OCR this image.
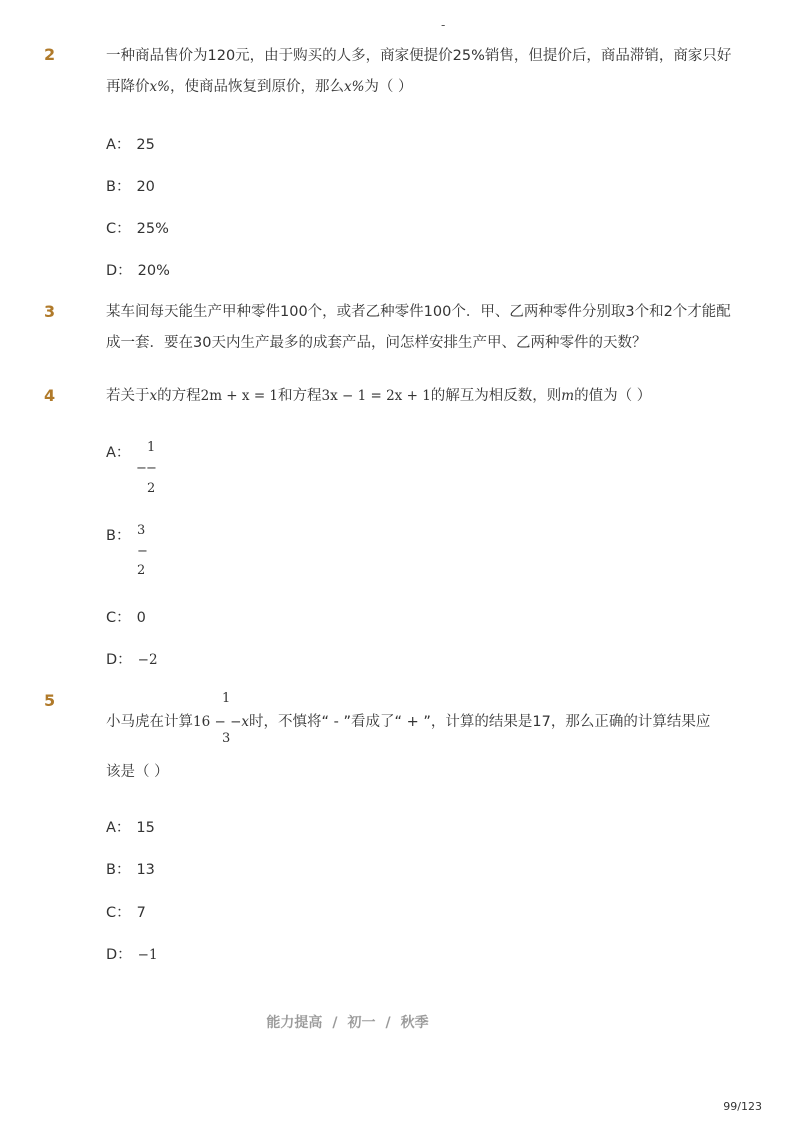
-
2	一种商品售价为120元，由于购买的人多，商家便提价25%销售，但提价后，商品滞销，商家只好
再降价x%，使商品恢复到原价，那么x%为（ ）
A： 25
B： 20
C： 25%
D： 20%
3	某车间每天能生产甲种零件100个，或者乙种零件100个．甲、乙两种零件分别取3个和2个才能配
成一套．要在30天内生产最多的成套产品，问怎样安排生产甲、乙两种零件的天数？
4	若关于x的方程2m + x = 1和方程3x − 1 = 2x + 1的解互为相反数，则m的值为（ ）
A：	1
− −
2
B： 3
−
2
C： 0
D： −2
5	1
3
小马虎在计算16 − −x时，不慎将“ - ”看成了“ + ”，计算的结果是17，那么正确的计算结果应
该是（ ）
A： 15
B： 13
C： 7
D： −1
能力提高 / 初一 / 秋季
99/123
